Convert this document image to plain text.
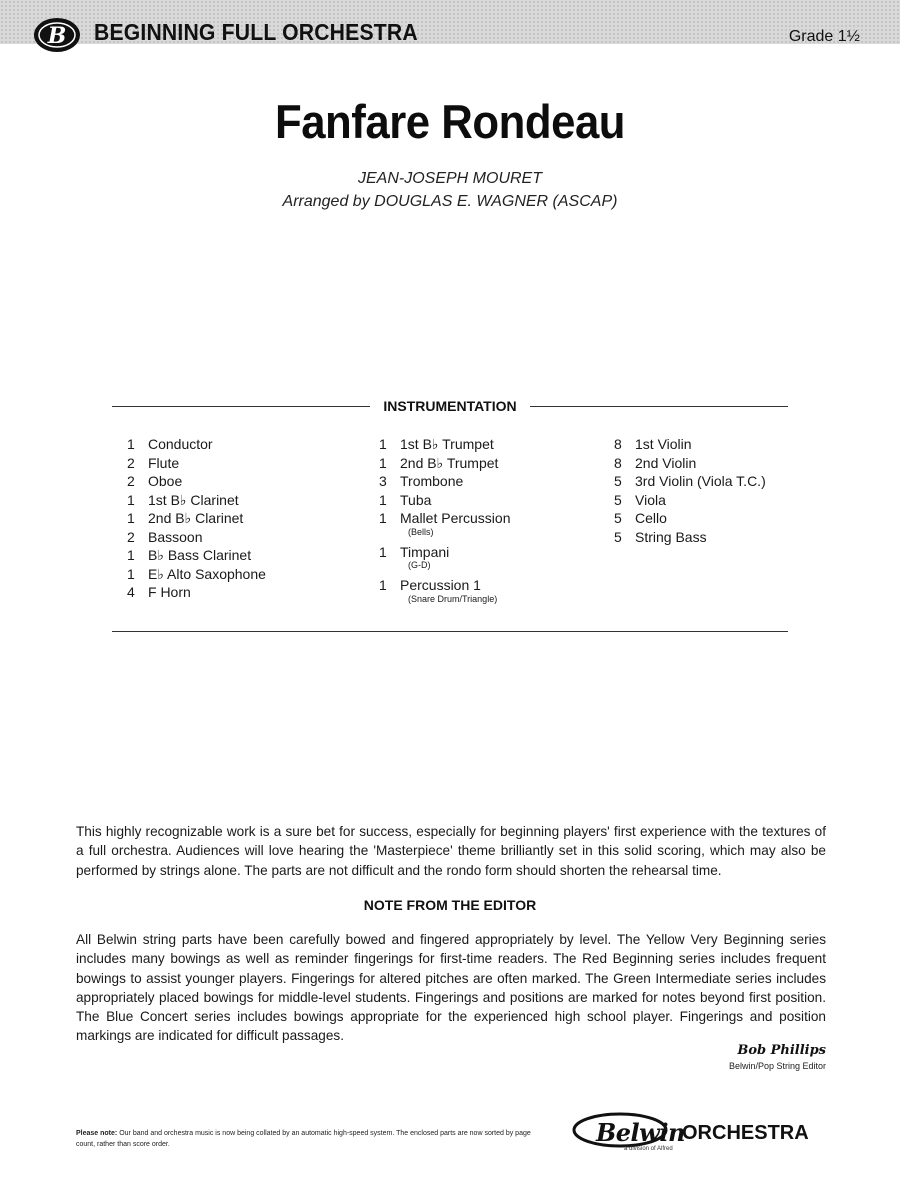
B BEGINNING FULL ORCHESTRA	Grade 1½
Fanfare Rondeau
JEAN-JOSEPH MOURET
Arranged by DOUGLAS E. WAGNER (ASCAP)
INSTRUMENTATION
1 Conductor
2 Flute
2 Oboe
1 1st B♭ Clarinet
1 2nd B♭ Clarinet
2 Bassoon
1 B♭ Bass Clarinet
1 E♭ Alto Saxophone
4 F Horn
1 1st B♭ Trumpet
1 2nd B♭ Trumpet
3 Trombone
1 Tuba
1 Mallet Percussion
(Bells)
1 Timpani
(G-D)
1 Percussion 1
(Snare Drum/Triangle)
8 1st Violin
8 2nd Violin
5 3rd Violin (Viola T.C.)
5 Viola
5 Cello
5 String Bass
This highly recognizable work is a sure bet for success, especially for beginning players' first experience with the textures of a full orchestra. Audiences will love hearing the 'Masterpiece' theme brilliantly set in this solid scoring, which may also be performed by strings alone. The parts are not difficult and the rondo form should shorten the rehearsal time.
NOTE FROM THE EDITOR
All Belwin string parts have been carefully bowed and fingered appropriately by level. The Yellow Very Beginning series includes many bowings as well as reminder fingerings for first-time readers. The Red Beginning series includes frequent bowings to assist younger players. Fingerings for altered pitches are often marked. The Green Intermediate series includes appropriately placed bowings for middle-level students. Fingerings and positions are marked for notes beyond first position. The Blue Concert series includes bowings appropriate for the experienced high school player. Fingerings and position markings are indicated for difficult passages.
Bob Phillips
Belwin/Pop String Editor
Please note: Our band and orchestra music is now being collated by an automatic high-speed system. The enclosed parts are now sorted by page count, rather than score order.	Belwin
ORCHESTRA
a division of Alfred
